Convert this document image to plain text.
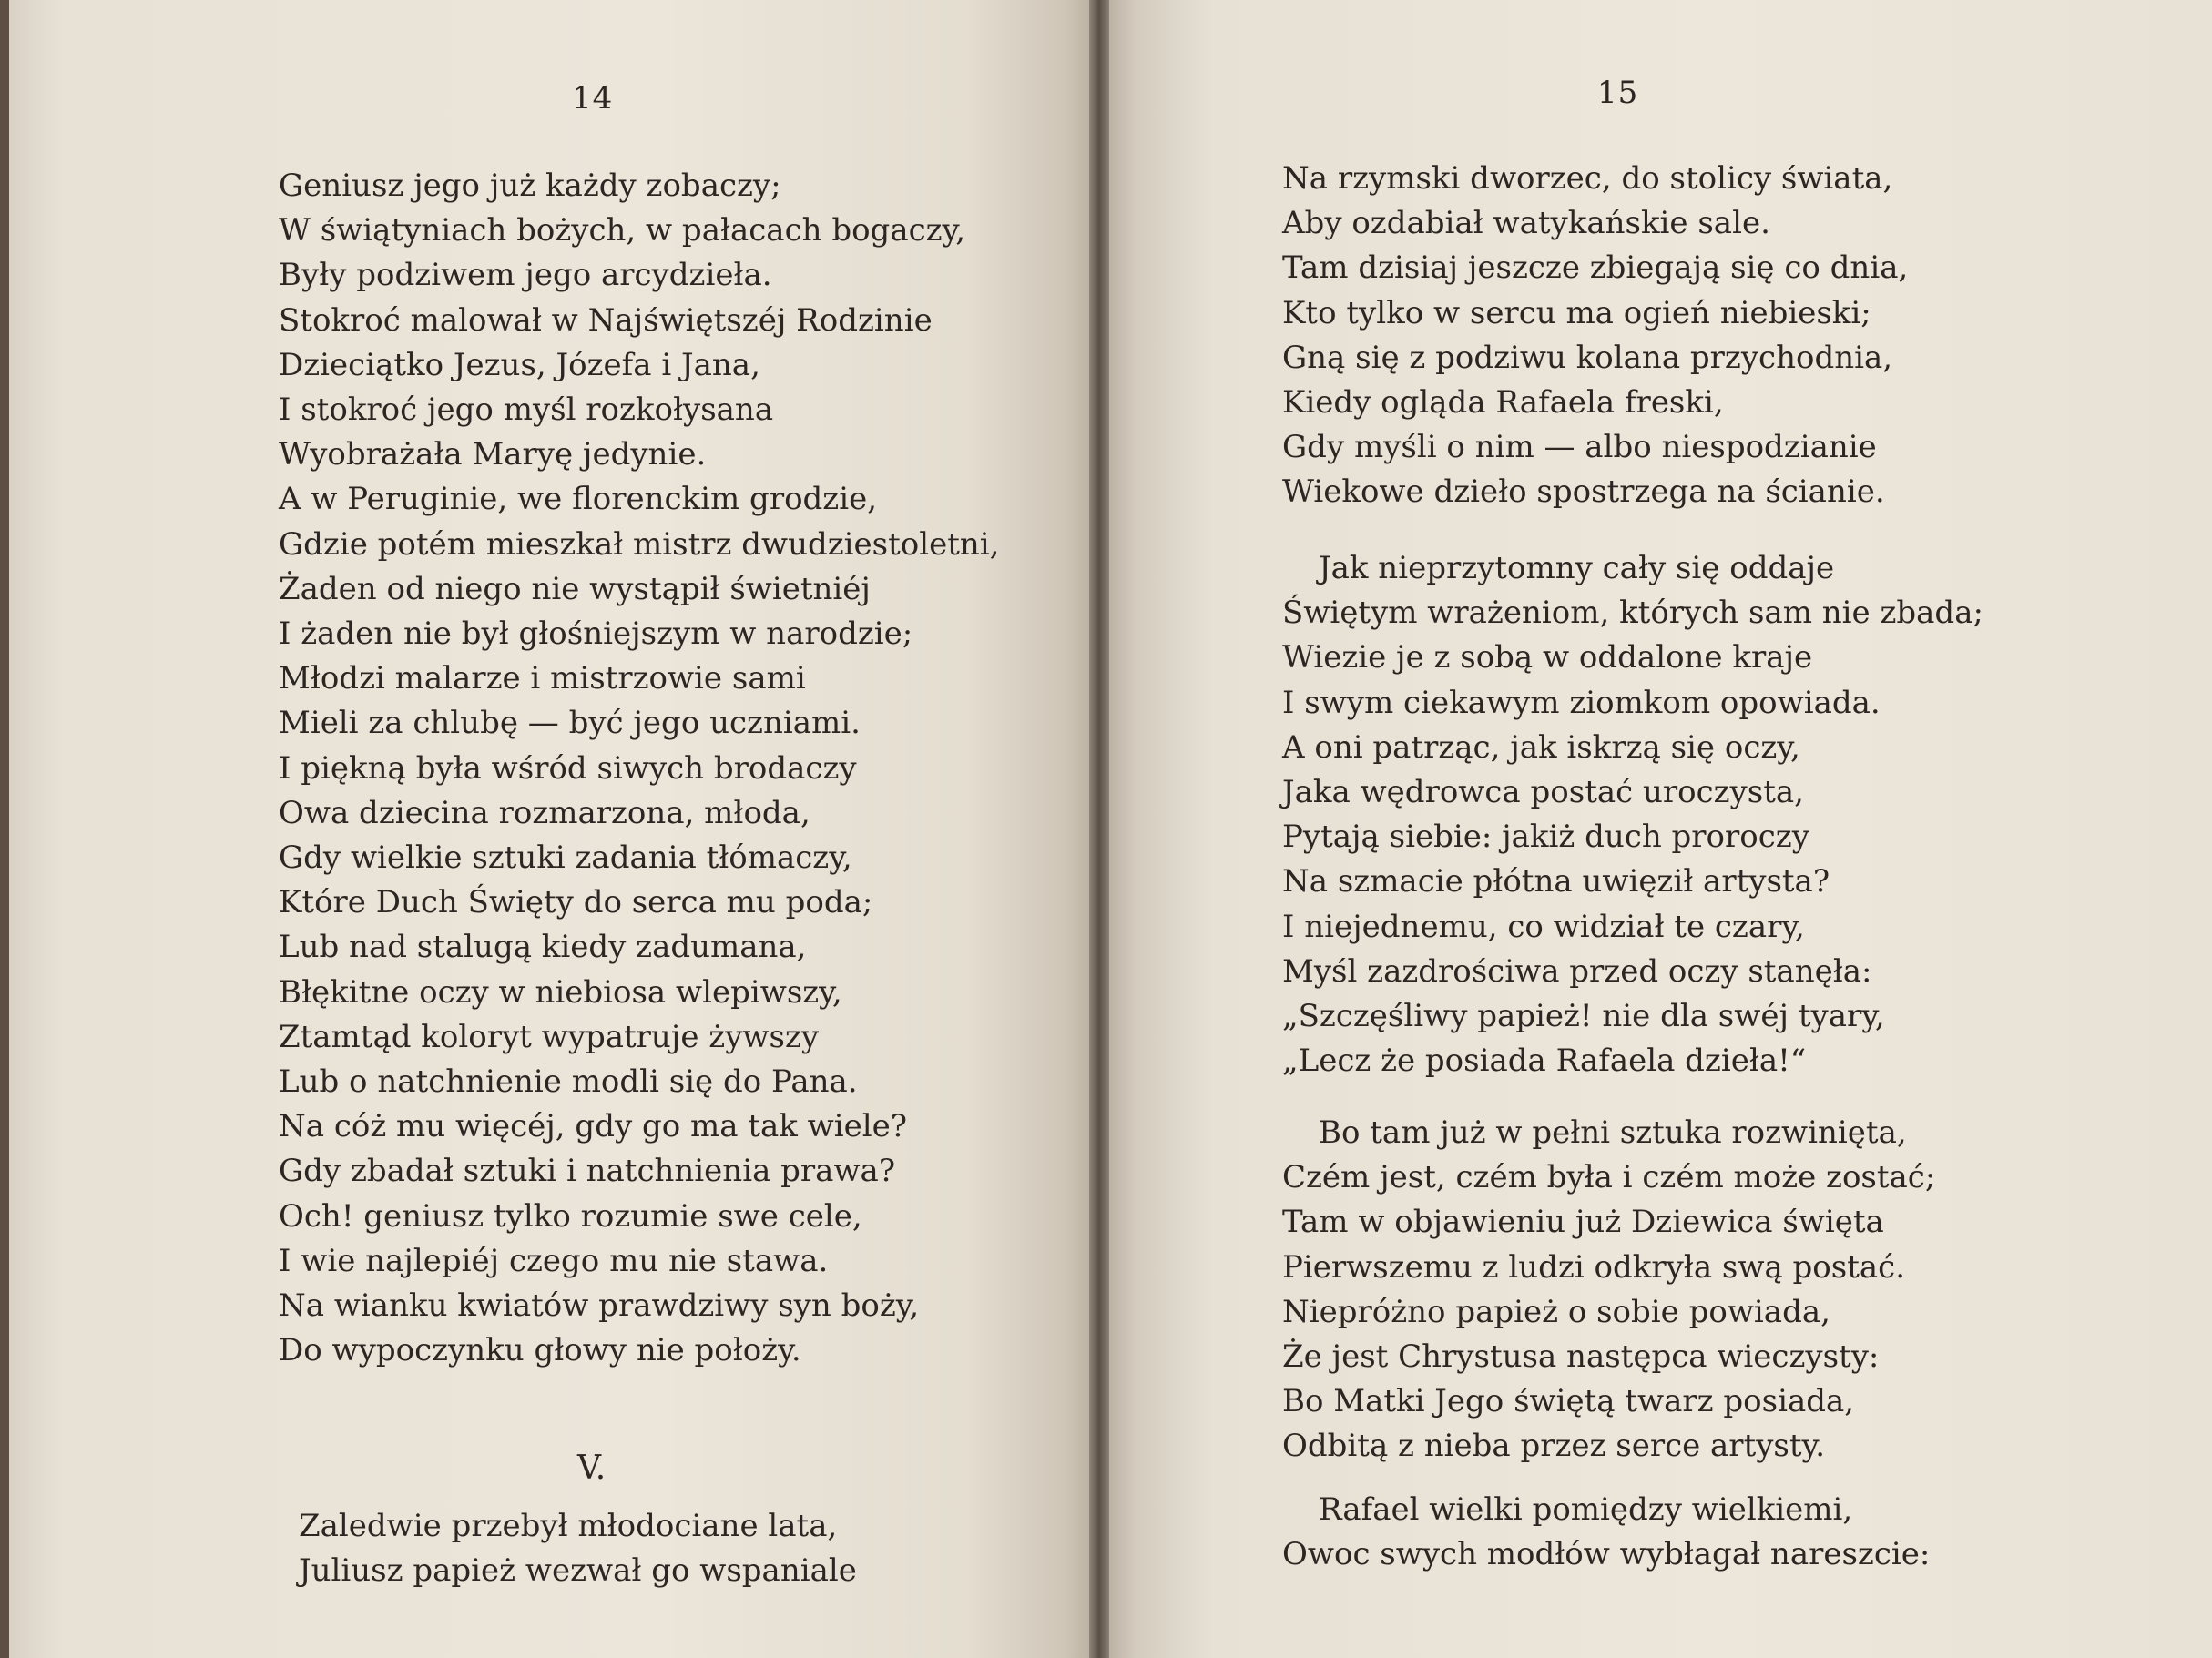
14
Geniusz jego już każdy zobaczy;
W świątyniach bożych, w pałacach bogaczy,
Były podziwem jego arcydzieła.
Stokroć malował w Najświętszéj Rodzinie
Dzieciątko Jezus, Józefa i Jana,
I stokroć jego myśl rozkołysana
Wyobrażała Maryę jedynie.
A w Peruginie, we florenckim grodzie,
Gdzie potém mieszkał mistrz dwudziestoletni,
Żaden od niego nie wystąpił świetniéj
I żaden nie był głośniejszym w narodzie;
Młodzi malarze i mistrzowie sami
Mieli za chlubę — być jego uczniami.
I piękną była wśród siwych brodaczy
Owa dziecina rozmarzona, młoda,
Gdy wielkie sztuki zadania tłómaczy,
Które Duch Święty do serca mu poda;
Lub nad stalugą kiedy zadumana,
Błękitne oczy w niebiosa wlepiwszy,
Ztamtąd koloryt wypatruje żywszy
Lub o natchnienie modli się do Pana.
Na cóż mu więcéj, gdy go ma tak wiele?
Gdy zbadał sztuki i natchnienia prawa?
Och! geniusz tylko rozumie swe cele,
I wie najlepiéj czego mu nie stawa.
Na wianku kwiatów prawdziwy syn boży,
Do wypoczynku głowy nie położy.
V.
Zaledwie przebył młodociane lata,
Juliusz papież wezwał go wspaniale
15
Na rzymski dworzec, do stolicy świata,
Aby ozdabiał watykańskie sale.
Tam dzisiaj jeszcze zbiegają się co dnia,
Kto tylko w sercu ma ogień niebieski;
Gną się z podziwu kolana przychodnia,
Kiedy ogląda Rafaela freski,
Gdy myśli o nim — albo niespodzianie
Wiekowe dzieło spostrzega na ścianie.
Jak nieprzytomny cały się oddaje
Świętym wrażeniom, których sam nie zbada;
Wiezie je z sobą w oddalone kraje
I swym ciekawym ziomkom opowiada.
A oni patrząc, jak iskrzą się oczy,
Jaka wędrowca postać uroczysta,
Pytają siebie: jakiż duch proroczy
Na szmacie płótna uwięził artysta?
I niejednemu, co widział te czary,
Myśl zazdrościwa przed oczy stanęła:
„Szczęśliwy papież! nie dla swéj tyary,
„Lecz że posiada Rafaela dzieła!“
Bo tam już w pełni sztuka rozwinięta,
Czém jest, czém była i czém może zostać;
Tam w objawieniu już Dziewica święta
Pierwszemu z ludzi odkryła swą postać.
Niepróżno papież o sobie powiada,
Że jest Chrystusa następca wieczysty:
Bo Matki Jego świętą twarz posiada,
Odbitą z nieba przez serce artysty.
Rafael wielki pomiędzy wielkiemi,
Owoc swych modłów wybłagał nareszcie:
